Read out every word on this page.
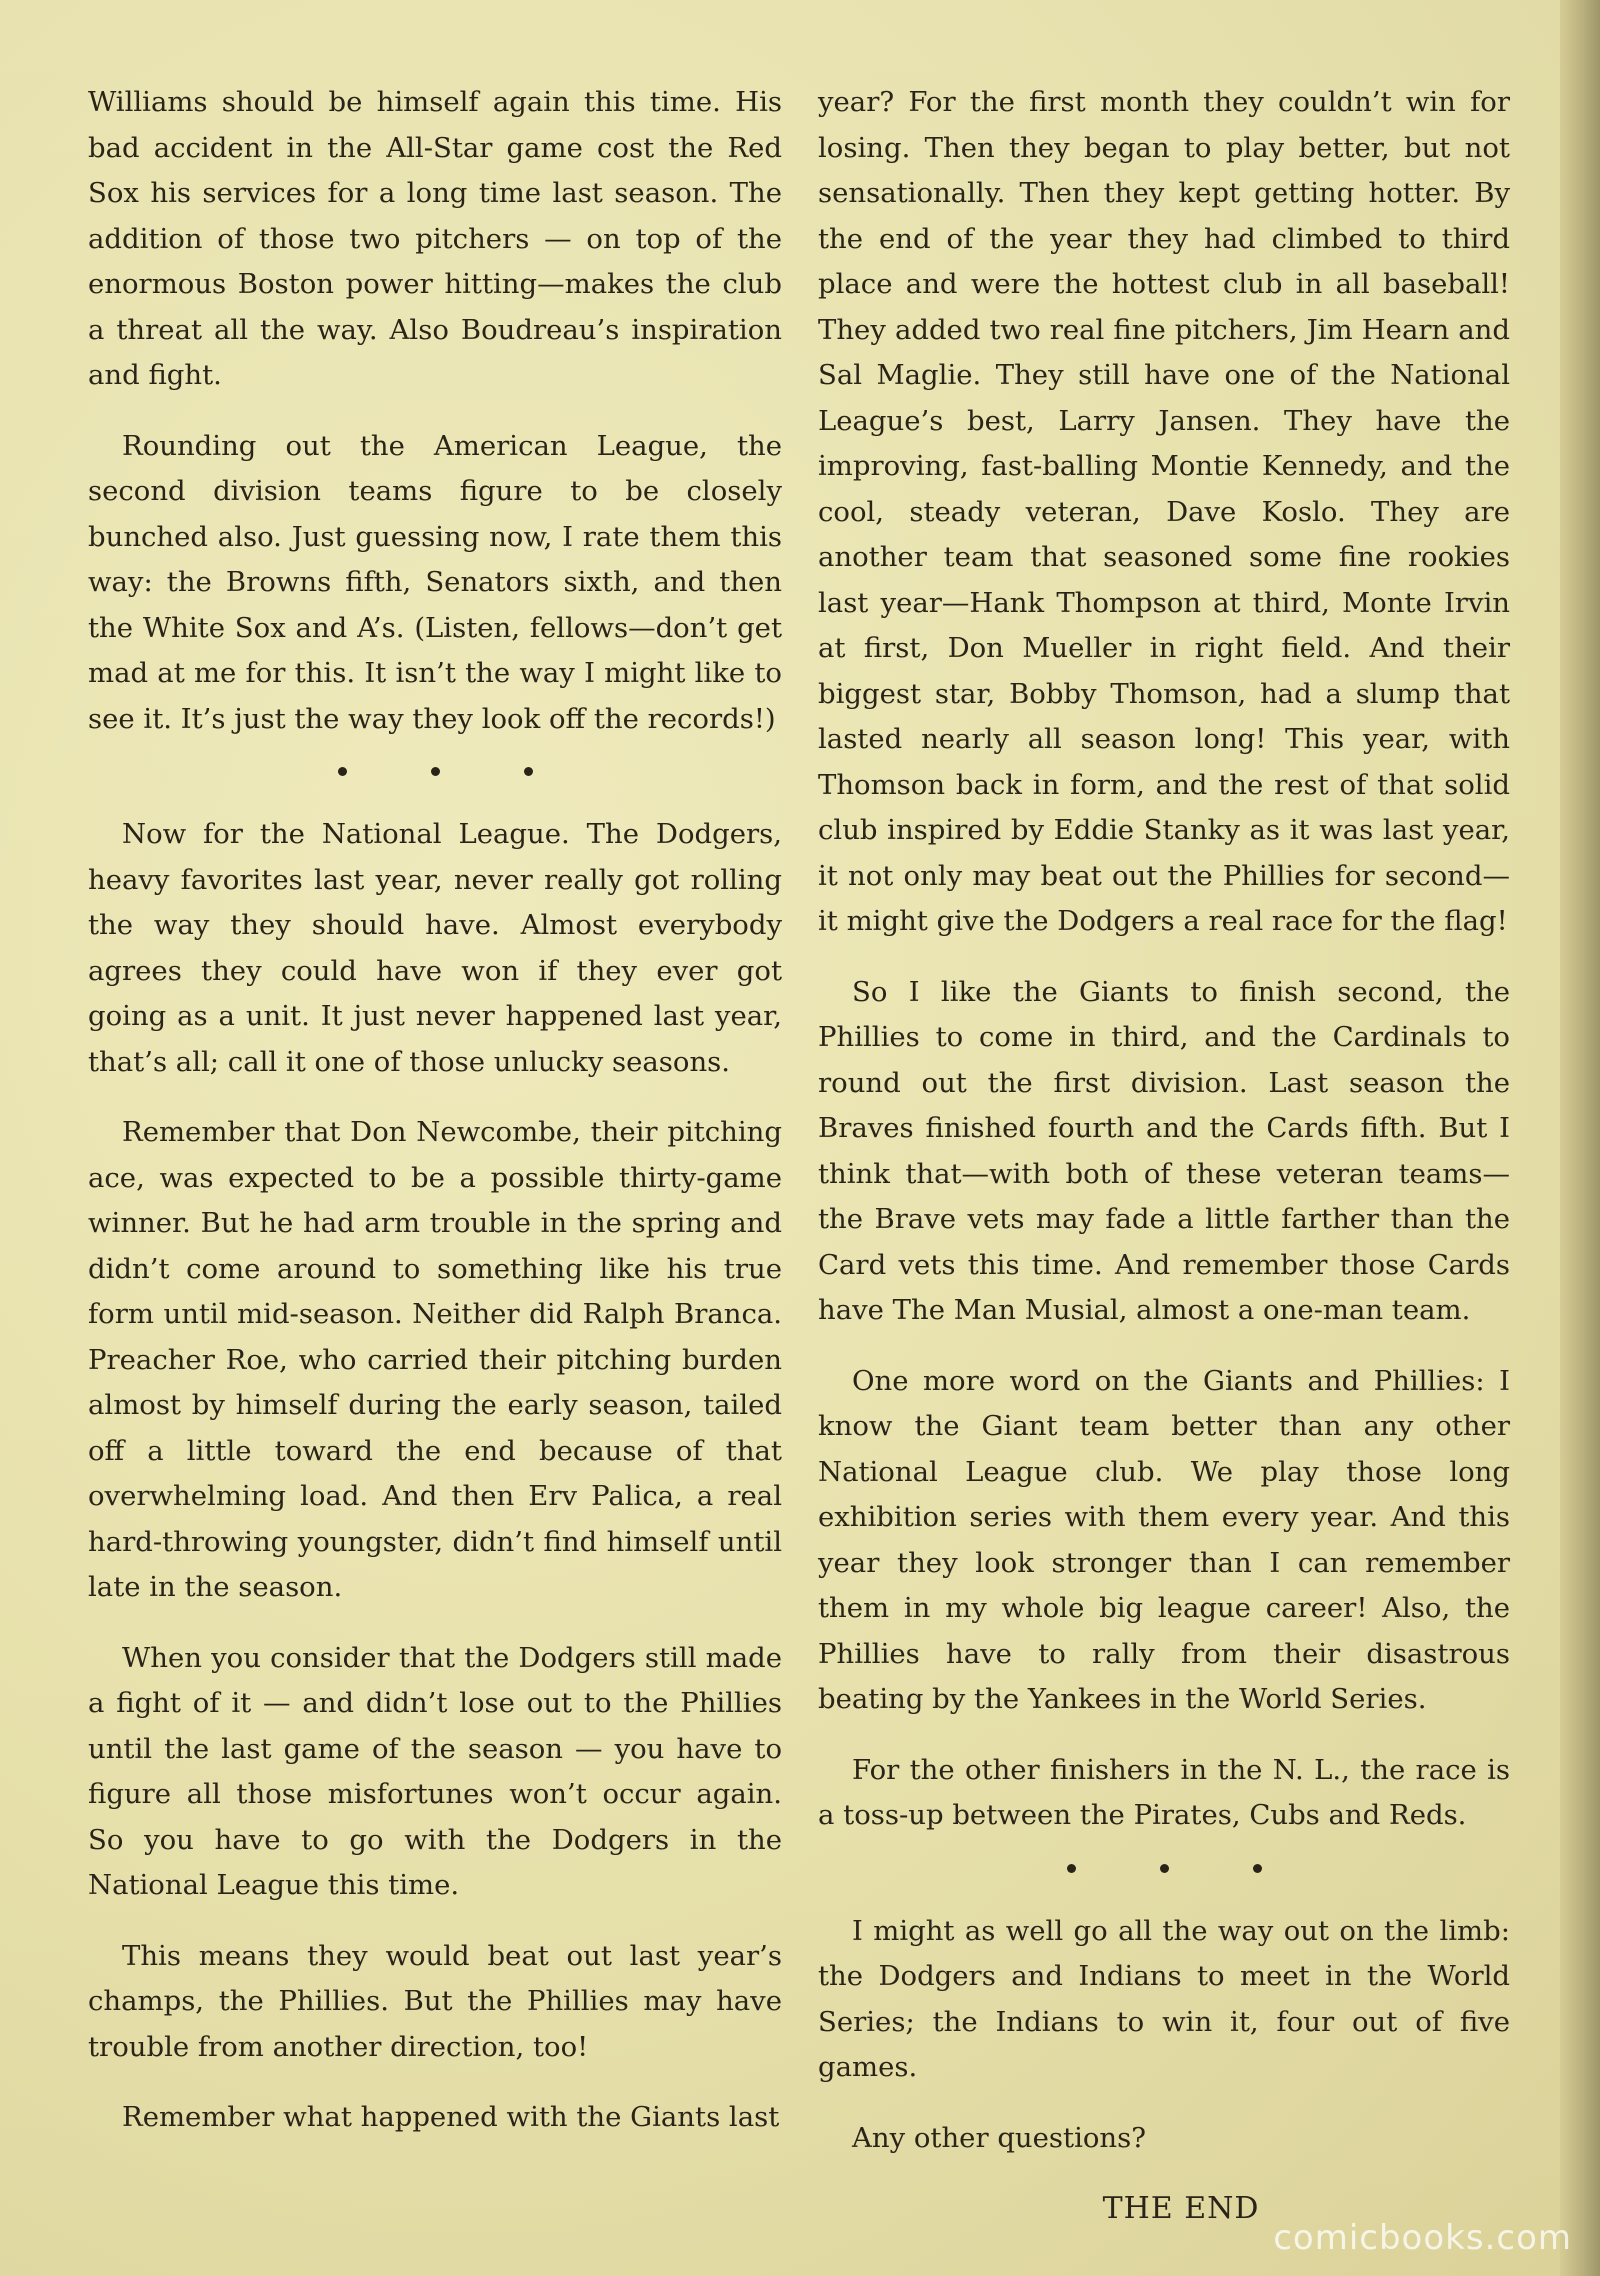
Williams should be himself again this time. His bad accident in the All-Star game cost the Red Sox his services for a long time last season. The addition of those two pitchers — on top of the enormous Boston power hitting—makes the club a threat all the way. Also Boudreau’s inspiration and fight.

Rounding out the American League, the second division teams figure to be closely bunched also. Just guessing now, I rate them this way: the Browns fifth, Senators sixth, and then the White Sox and A’s. (Listen, fellows—don’t get mad at me for this. It isn’t the way I might like to see it. It’s just the way they look off the records!)

Now for the National League. The Dodgers, heavy favorites last year, never really got rolling the way they should have. Almost everybody agrees they could have won if they ever got going as a unit. It just never happened last year, that’s all; call it one of those unlucky seasons.

Remember that Don Newcombe, their pitching ace, was expected to be a possible thirty-game winner. But he had arm trouble in the spring and didn’t come around to something like his true form until mid-season. Neither did Ralph Branca. Preacher Roe, who carried their pitching burden almost by himself during the early season, tailed off a little toward the end because of that overwhelming load. And then Erv Palica, a real hard-throwing youngster, didn’t find himself until late in the season.

When you consider that the Dodgers still made a fight of it — and didn’t lose out to the Phillies until the last game of the season — you have to figure all those misfortunes won’t occur again. So you have to go with the Dodgers in the National League this time.

This means they would beat out last year’s champs, the Phillies. But the Phillies may have trouble from another direction, too!

Remember what happened with the Giants last

year? For the first month they couldn’t win for losing. Then they began to play better, but not sensationally. Then they kept getting hotter. By the end of the year they had climbed to third place and were the hottest club in all baseball! They added two real fine pitchers, Jim Hearn and Sal Maglie. They still have one of the National League’s best, Larry Jansen. They have the improving, fast-balling Montie Kennedy, and the cool, steady veteran, Dave Koslo. They are another team that seasoned some fine rookies last year—Hank Thompson at third, Monte Irvin at first, Don Mueller in right field. And their biggest star, Bobby Thomson, had a slump that lasted nearly all season long! This year, with Thomson back in form, and the rest of that solid club inspired by Eddie Stanky as it was last year, it not only may beat out the Phillies for second—it might give the Dodgers a real race for the flag!

So I like the Giants to finish second, the Phillies to come in third, and the Cardinals to round out the first division. Last season the Braves finished fourth and the Cards fifth. But I think that—with both of these veteran teams—the Brave vets may fade a little farther than the Card vets this time. And remember those Cards have The Man Musial, almost a one-man team.

One more word on the Giants and Phillies: I know the Giant team better than any other National League club. We play those long exhibition series with them every year. And this year they look stronger than I can remember them in my whole big league career! Also, the Phillies have to rally from their disastrous beating by the Yankees in the World Series.

For the other finishers in the N. L., the race is a toss-up between the Pirates, Cubs and Reds.

I might as well go all the way out on the limb: the Dodgers and Indians to meet in the World Series; the Indians to win it, four out of five games.

Any other questions?

THE END

comicbooks.com
